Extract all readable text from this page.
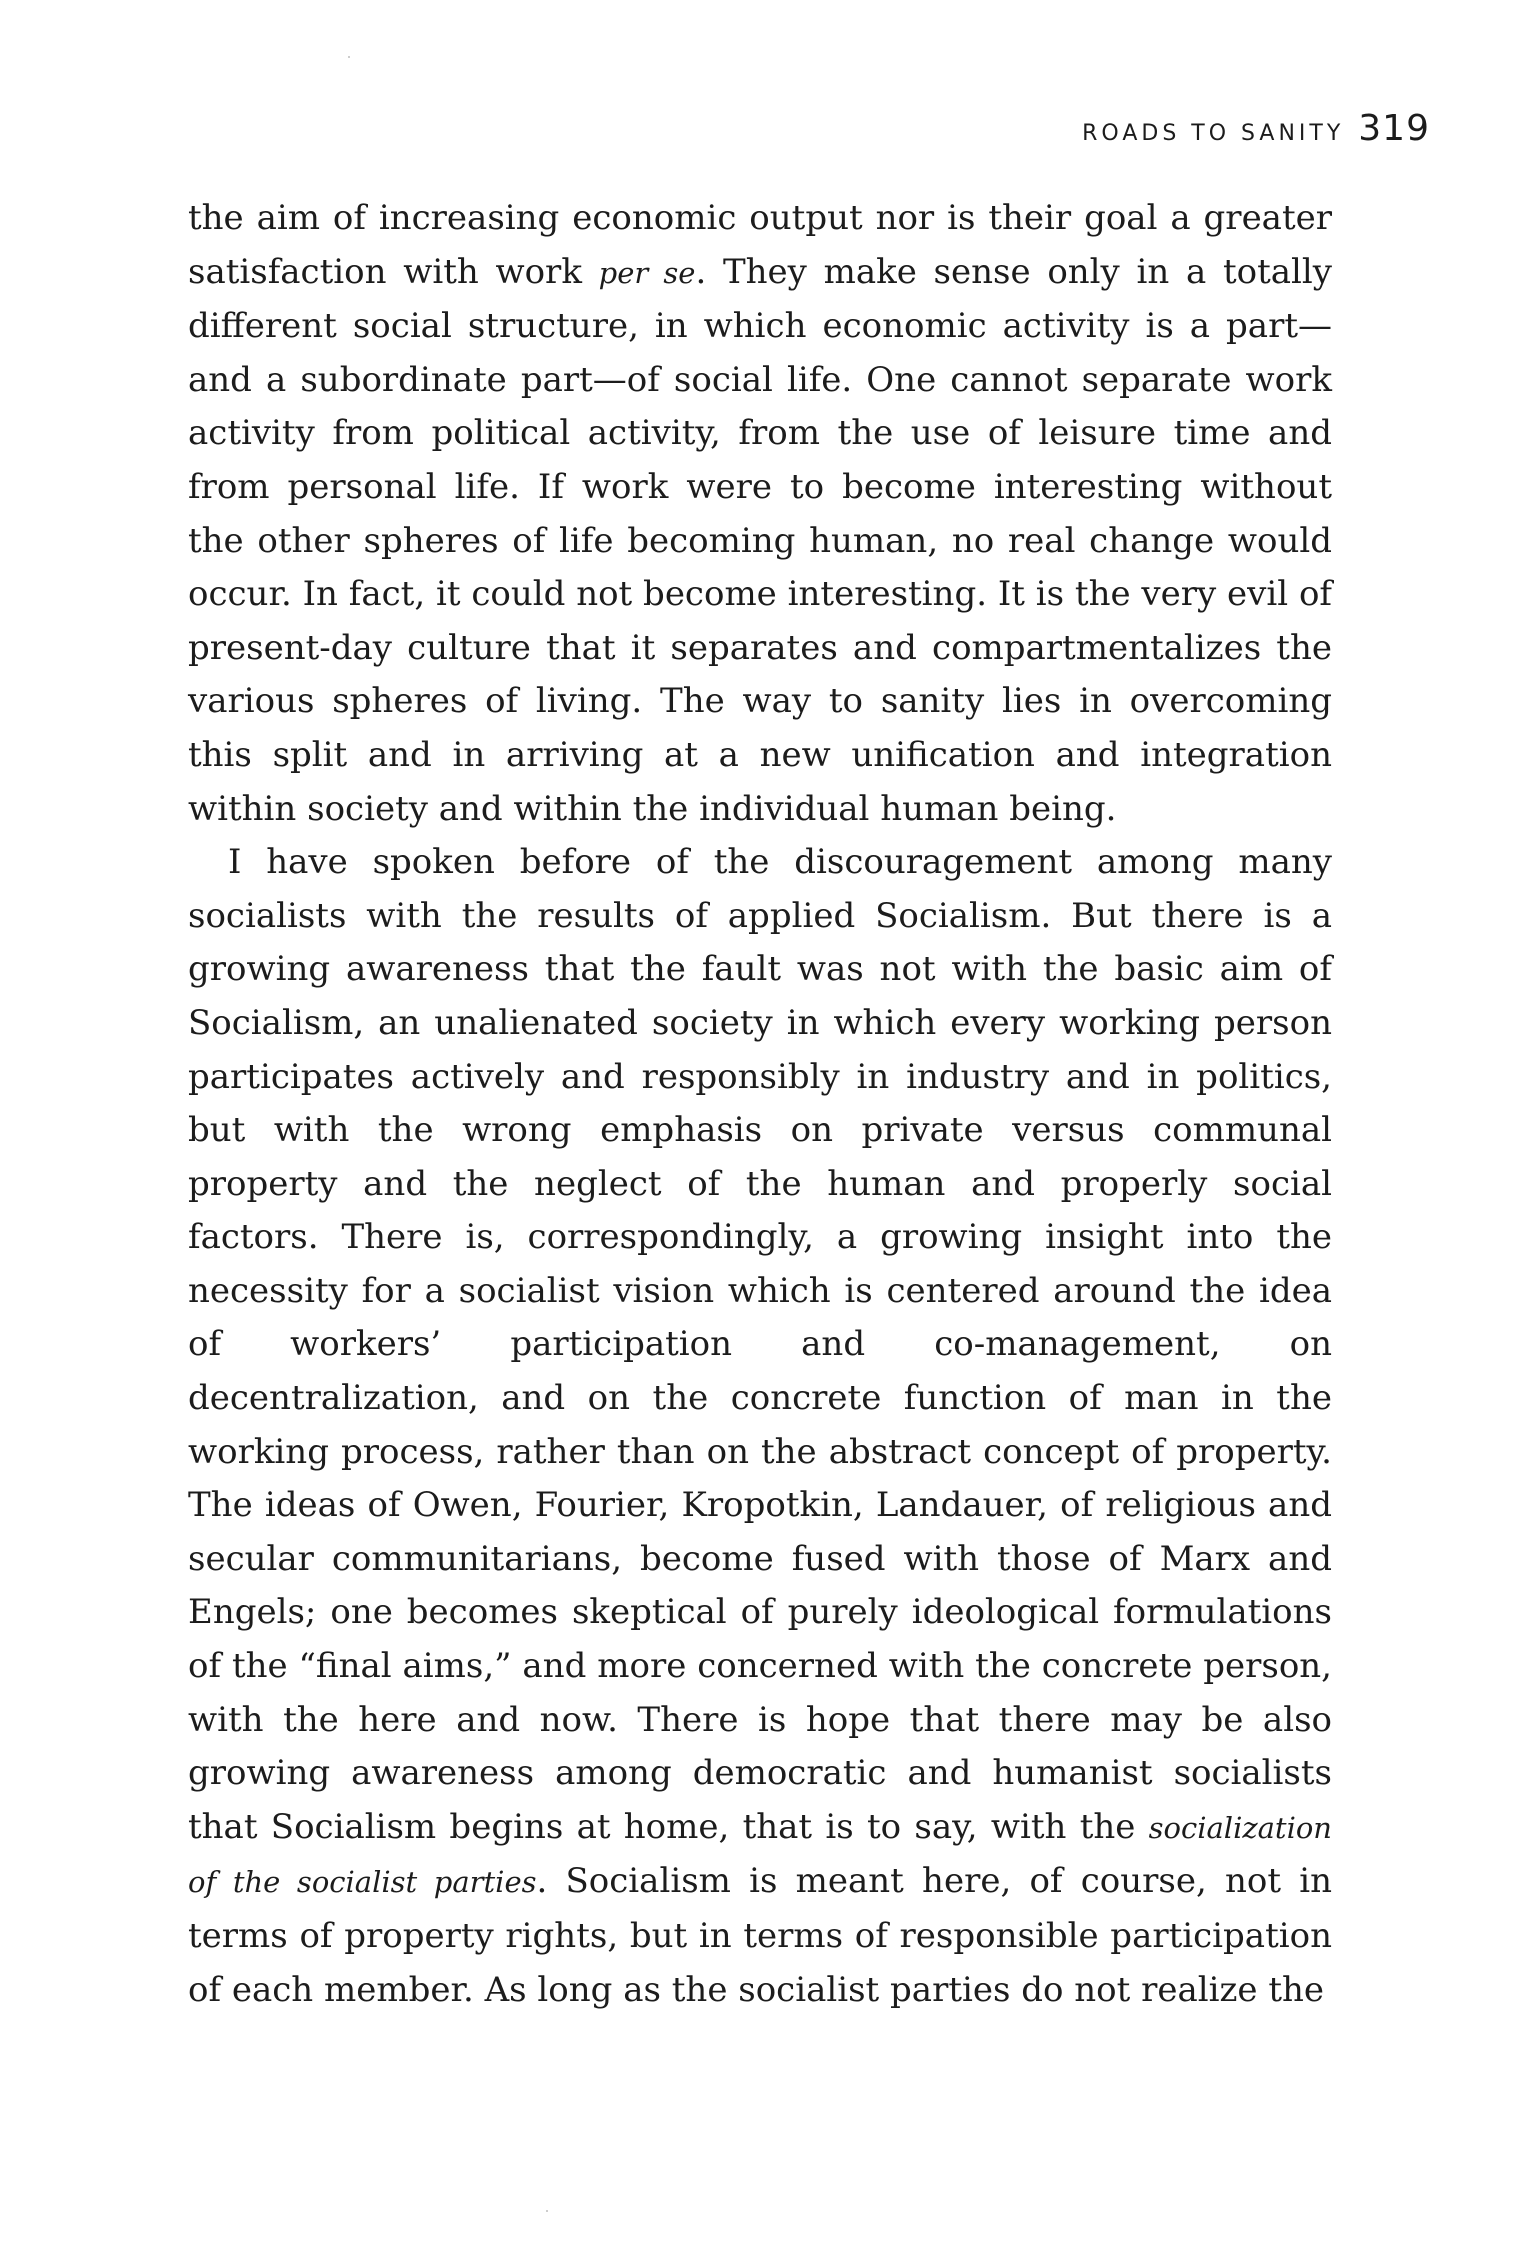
ROADS TO SANITY 319

the aim of increasing economic output nor is their goal a greater satisfaction with work per se. They make sense only in a totally different social structure, in which economic activity is a part—and a subordinate part—of social life. One cannot separate work activity from political activity, from the use of leisure time and from personal life. If work were to become interesting without the other spheres of life becoming human, no real change would occur. In fact, it could not become interesting. It is the very evil of present-day culture that it separates and compartmentalizes the various spheres of living. The way to sanity lies in overcoming this split and in arriving at a new unification and integration within society and within the individual human being.

I have spoken before of the discouragement among many socialists with the results of applied Socialism. But there is a growing awareness that the fault was not with the basic aim of Socialism, an unalienated society in which every working person participates actively and responsibly in industry and in politics, but with the wrong emphasis on private versus communal property and the neglect of the human and properly social factors. There is, correspondingly, a growing insight into the necessity for a socialist vision which is centered around the idea of workers’ participation and co-management, on decentralization, and on the concrete function of man in the working process, rather than on the abstract concept of property. The ideas of Owen, Fourier, Kropotkin, Landauer, of religious and secular communitarians, become fused with those of Marx and Engels; one becomes skeptical of purely ideological formulations of the “final aims,” and more concerned with the concrete person, with the here and now. There is hope that there may be also growing awareness among democratic and humanist socialists that Socialism begins at home, that is to say, with the socialization of the socialist parties. Socialism is meant here, of course, not in terms of property rights, but in terms of responsible participation of each member. As long as the socialist parties do not realize the
